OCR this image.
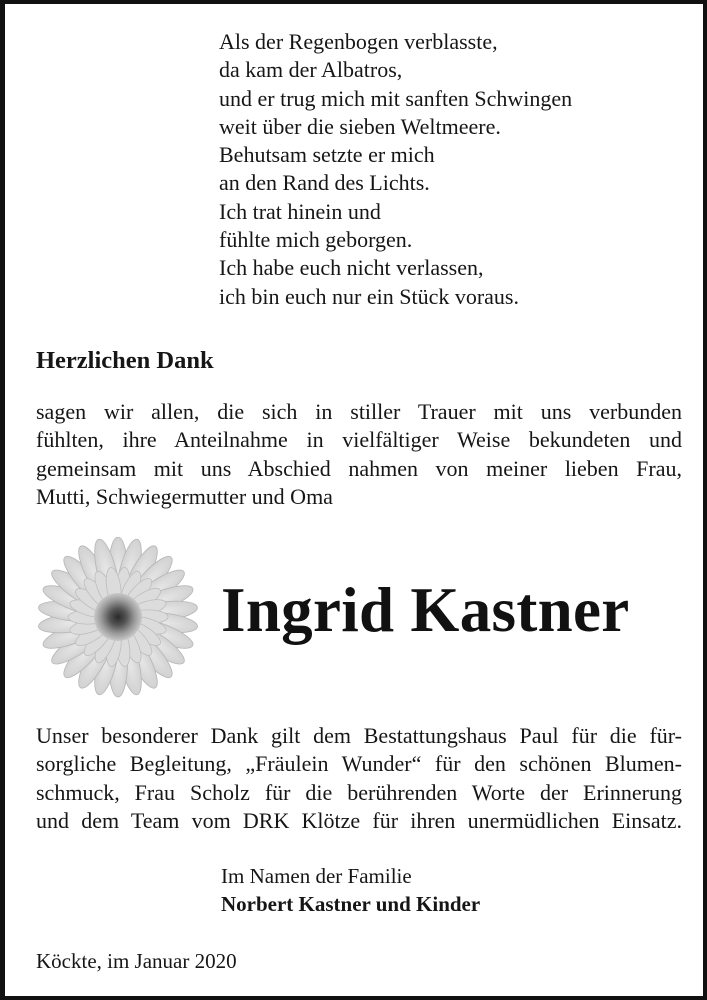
Als der Regenbogen verblasste,
da kam der Albatros,
und er trug mich mit sanften Schwingen
weit über die sieben Weltmeere.
Behutsam setzte er mich
an den Rand des Lichts.
Ich trat hinein und
fühlte mich geborgen.
Ich habe euch nicht verlassen,
ich bin euch nur ein Stück voraus.
Herzlichen Dank
sagen wir allen, die sich in stiller Trauer mit uns verbunden
fühlten, ihre Anteilnahme in vielfältiger Weise bekundeten und
gemeinsam mit uns Abschied nahmen von meiner lieben Frau,
Mutti, Schwiegermutter und Oma
Ingrid Kastner
Unser besonderer Dank gilt dem Bestattungshaus Paul für die für-
sorgliche Begleitung, „Fräulein Wunder“ für den schönen Blumen-
schmuck, Frau Scholz für die berührenden Worte der Erinnerung
und dem Team vom DRK Klötze für ihren unermüdlichen Einsatz.
Im Namen der Familie
Norbert Kastner und Kinder
Köckte, im Januar 2020
